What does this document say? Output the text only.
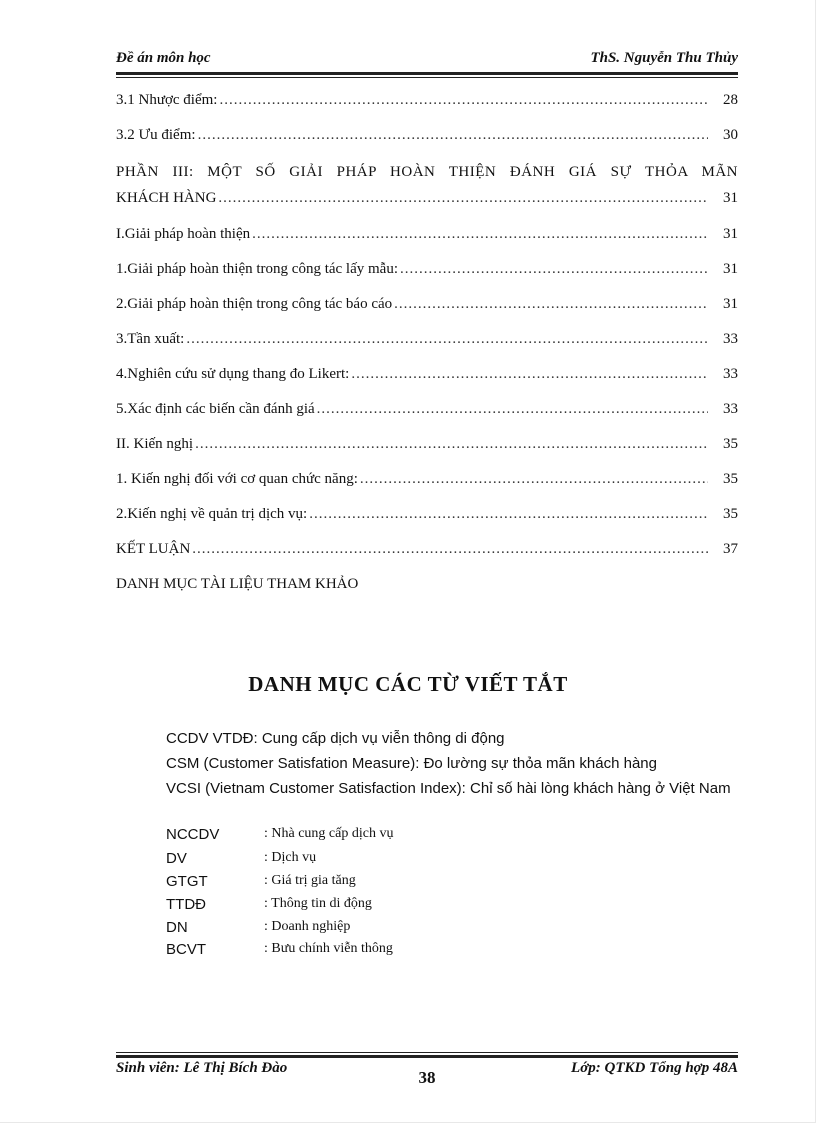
Đề án môn học	ThS. Nguyễn Thu Thủy
3.1 Nhược điểm: .....	28
3.2 Ưu điểm: .....	30
PHẦN III: MỘT SỐ GIẢI PHÁP HOÀN THIỆN ĐÁNH GIÁ SỰ THỎA MÃN
KHÁCH HÀNG .....	31
I.Giải pháp hoàn thiện .....	31
1.Giải pháp hoàn thiện trong công tác lấy mẫu: .....	31
2.Giải pháp hoàn thiện trong công tác báo cáo .....	31
3.Tần xuất: .....	33
4.Nghiên cứu sử dụng thang đo Likert: .....	33
5.Xác định các biến cần đánh giá .....	33
II. Kiến nghị .....	35
1. Kiến nghị đối với cơ quan chức năng: .....	35
2.Kiến nghị về quản trị dịch vụ: .....	35
KẾT LUẬN .....	37
DANH MỤC TÀI LIỆU THAM KHẢO
DANH MỤC CÁC TỪ VIẾT TẮT
CCDV VTDĐ: Cung cấp dịch vụ viễn thông di động
CSM (Customer Satisfation Measure): Đo lường sự thỏa mãn khách hàng
VCSI (Vietnam Customer Satisfaction Index): Chỉ số hài lòng khách hàng ở Việt Nam
NCCDV	: Nhà cung cấp dịch vụ
DV	: Dịch vụ
GTGT	: Giá trị gia tăng
TTDĐ	: Thông tin di động
DN	: Doanh nghiệp
BCVT	: Bưu chính viễn thông
Sinh viên: Lê Thị Bích Đào	38	Lớp: QTKD Tổng hợp 48A
